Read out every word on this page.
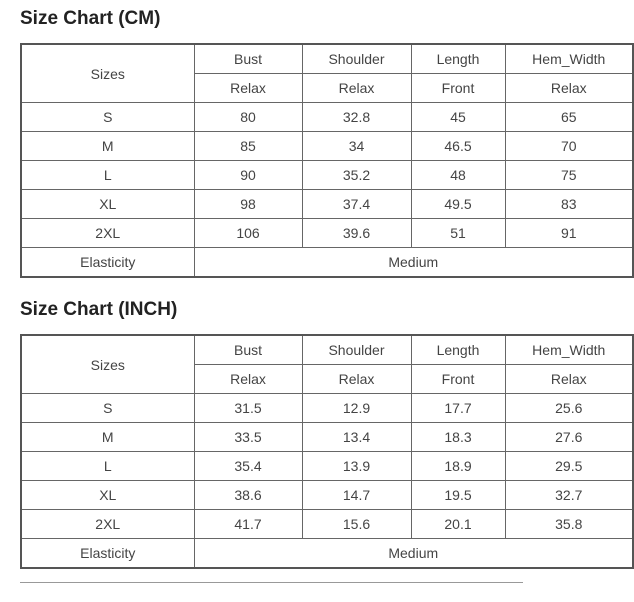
Size Chart (CM)
Sizes	Bust	Shoulder	Length	Hem_Width
	Relax	Relax	Front	Relax
S	80	32.8	45	65
M	85	34	46.5	70
L	90	35.2	48	75
XL	98	37.4	49.5	83
2XL	106	39.6	51	91
Elasticity	Medium			
Size Chart (INCH)
Sizes	Bust	Shoulder	Length	Hem_Width
	Relax	Relax	Front	Relax
S	31.5	12.9	17.7	25.6
M	33.5	13.4	18.3	27.6
L	35.4	13.9	18.9	29.5
XL	38.6	14.7	19.5	32.7
2XL	41.7	15.6	20.1	35.8
Elasticity	Medium			
